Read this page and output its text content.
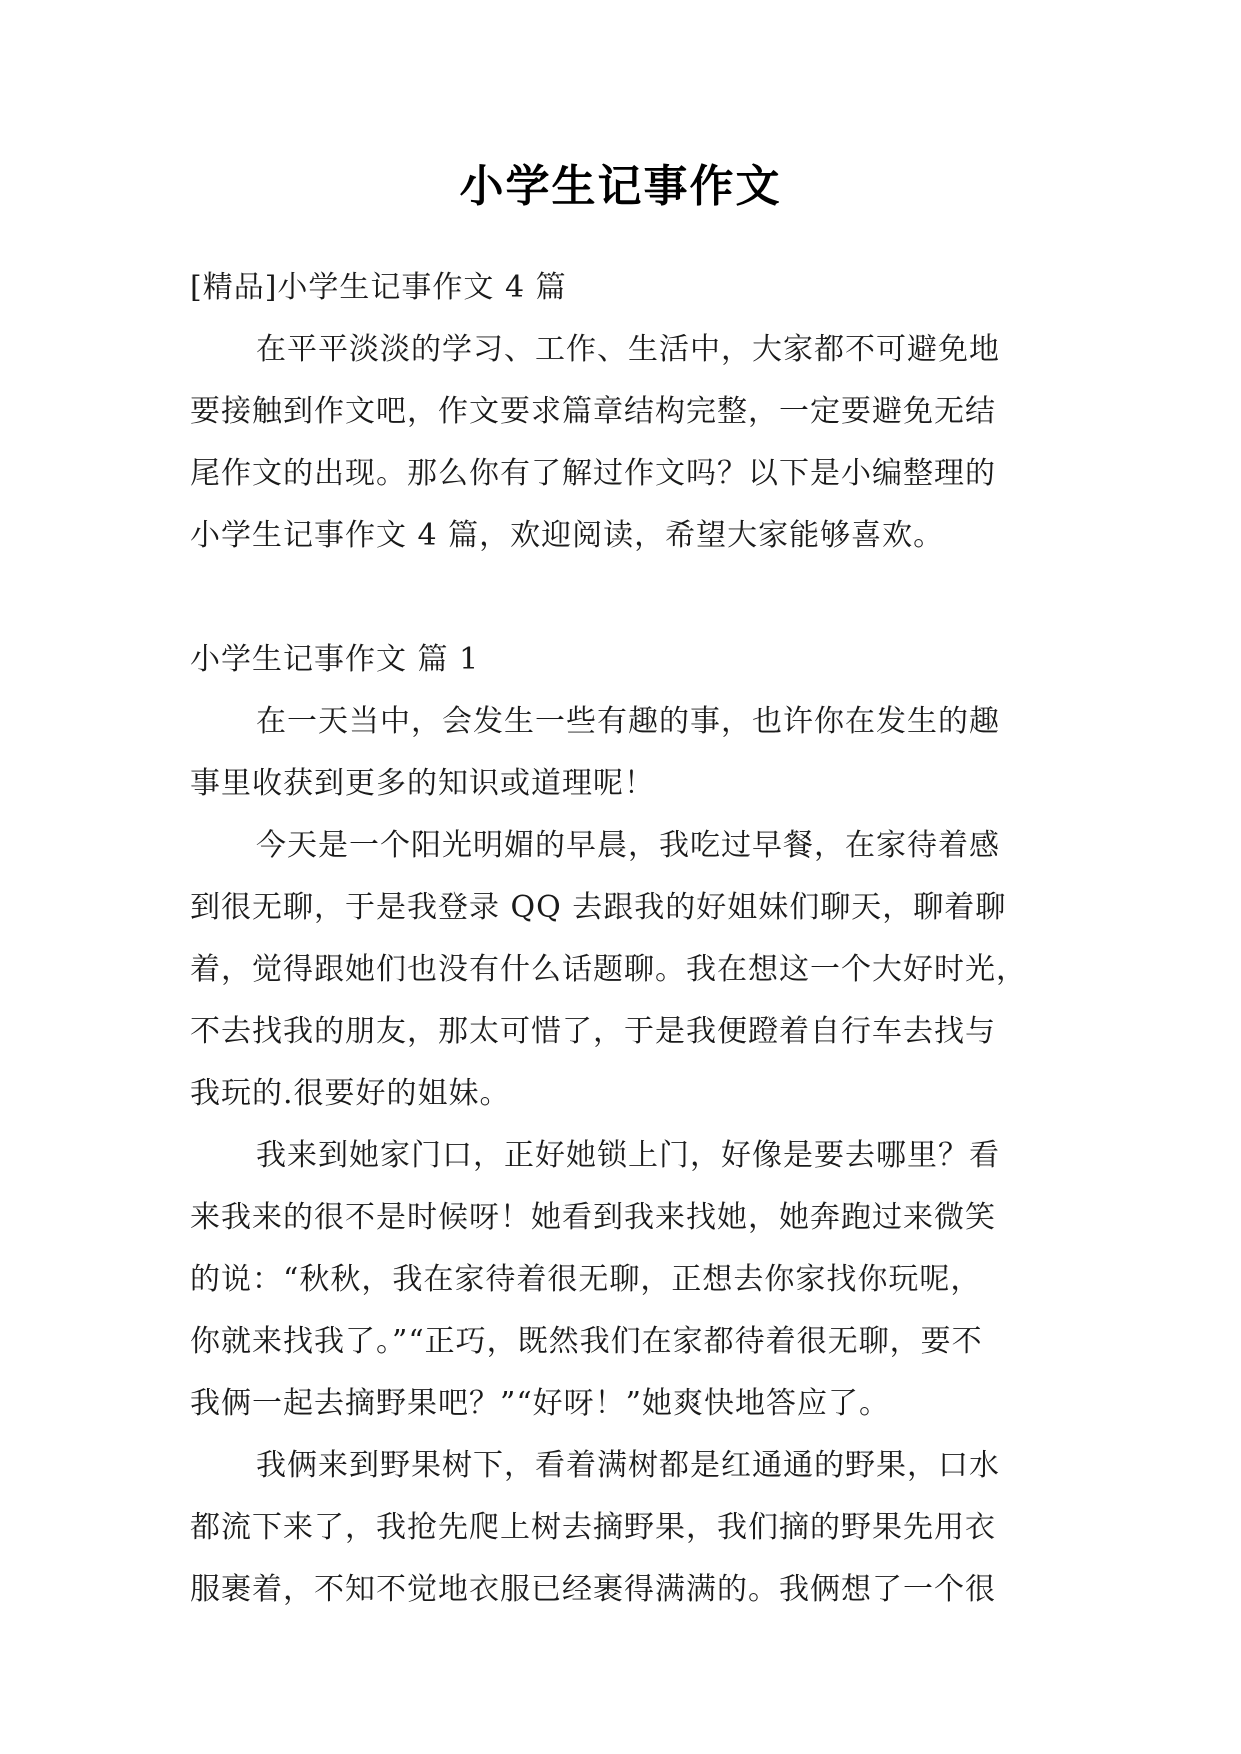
小学生记事作文
[精品]小学生记事作文 4 篇
在平平淡淡的学习、工作、生活中，大家都不可避免地
要接触到作文吧，作文要求篇章结构完整，一定要避免无结
尾作文的出现。那么你有了解过作文吗？以下是小编整理的
小学生记事作文 4 篇，欢迎阅读，希望大家能够喜欢。
小学生记事作文 篇 1
在一天当中，会发生一些有趣的事，也许你在发生的趣
事里收获到更多的知识或道理呢！
今天是一个阳光明媚的早晨，我吃过早餐，在家待着感
到很无聊，于是我登录 QQ 去跟我的好姐妹们聊天，聊着聊
着，觉得跟她们也没有什么话题聊。我在想这一个大好时光，
不去找我的朋友，那太可惜了，于是我便蹬着自行车去找与
我玩的.很要好的姐妹。
我来到她家门口，正好她锁上门，好像是要去哪里？看
来我来的很不是时候呀！她看到我来找她，她奔跑过来微笑
的说：“秋秋，我在家待着很无聊，正想去你家找你玩呢，
你就来找我了。”“正巧，既然我们在家都待着很无聊，要不
我俩一起去摘野果吧？”“好呀！”她爽快地答应了。
我俩来到野果树下，看着满树都是红通通的野果，口水
都流下来了，我抢先爬上树去摘野果，我们摘的野果先用衣
服裹着，不知不觉地衣服已经裹得满满的。我俩想了一个很
